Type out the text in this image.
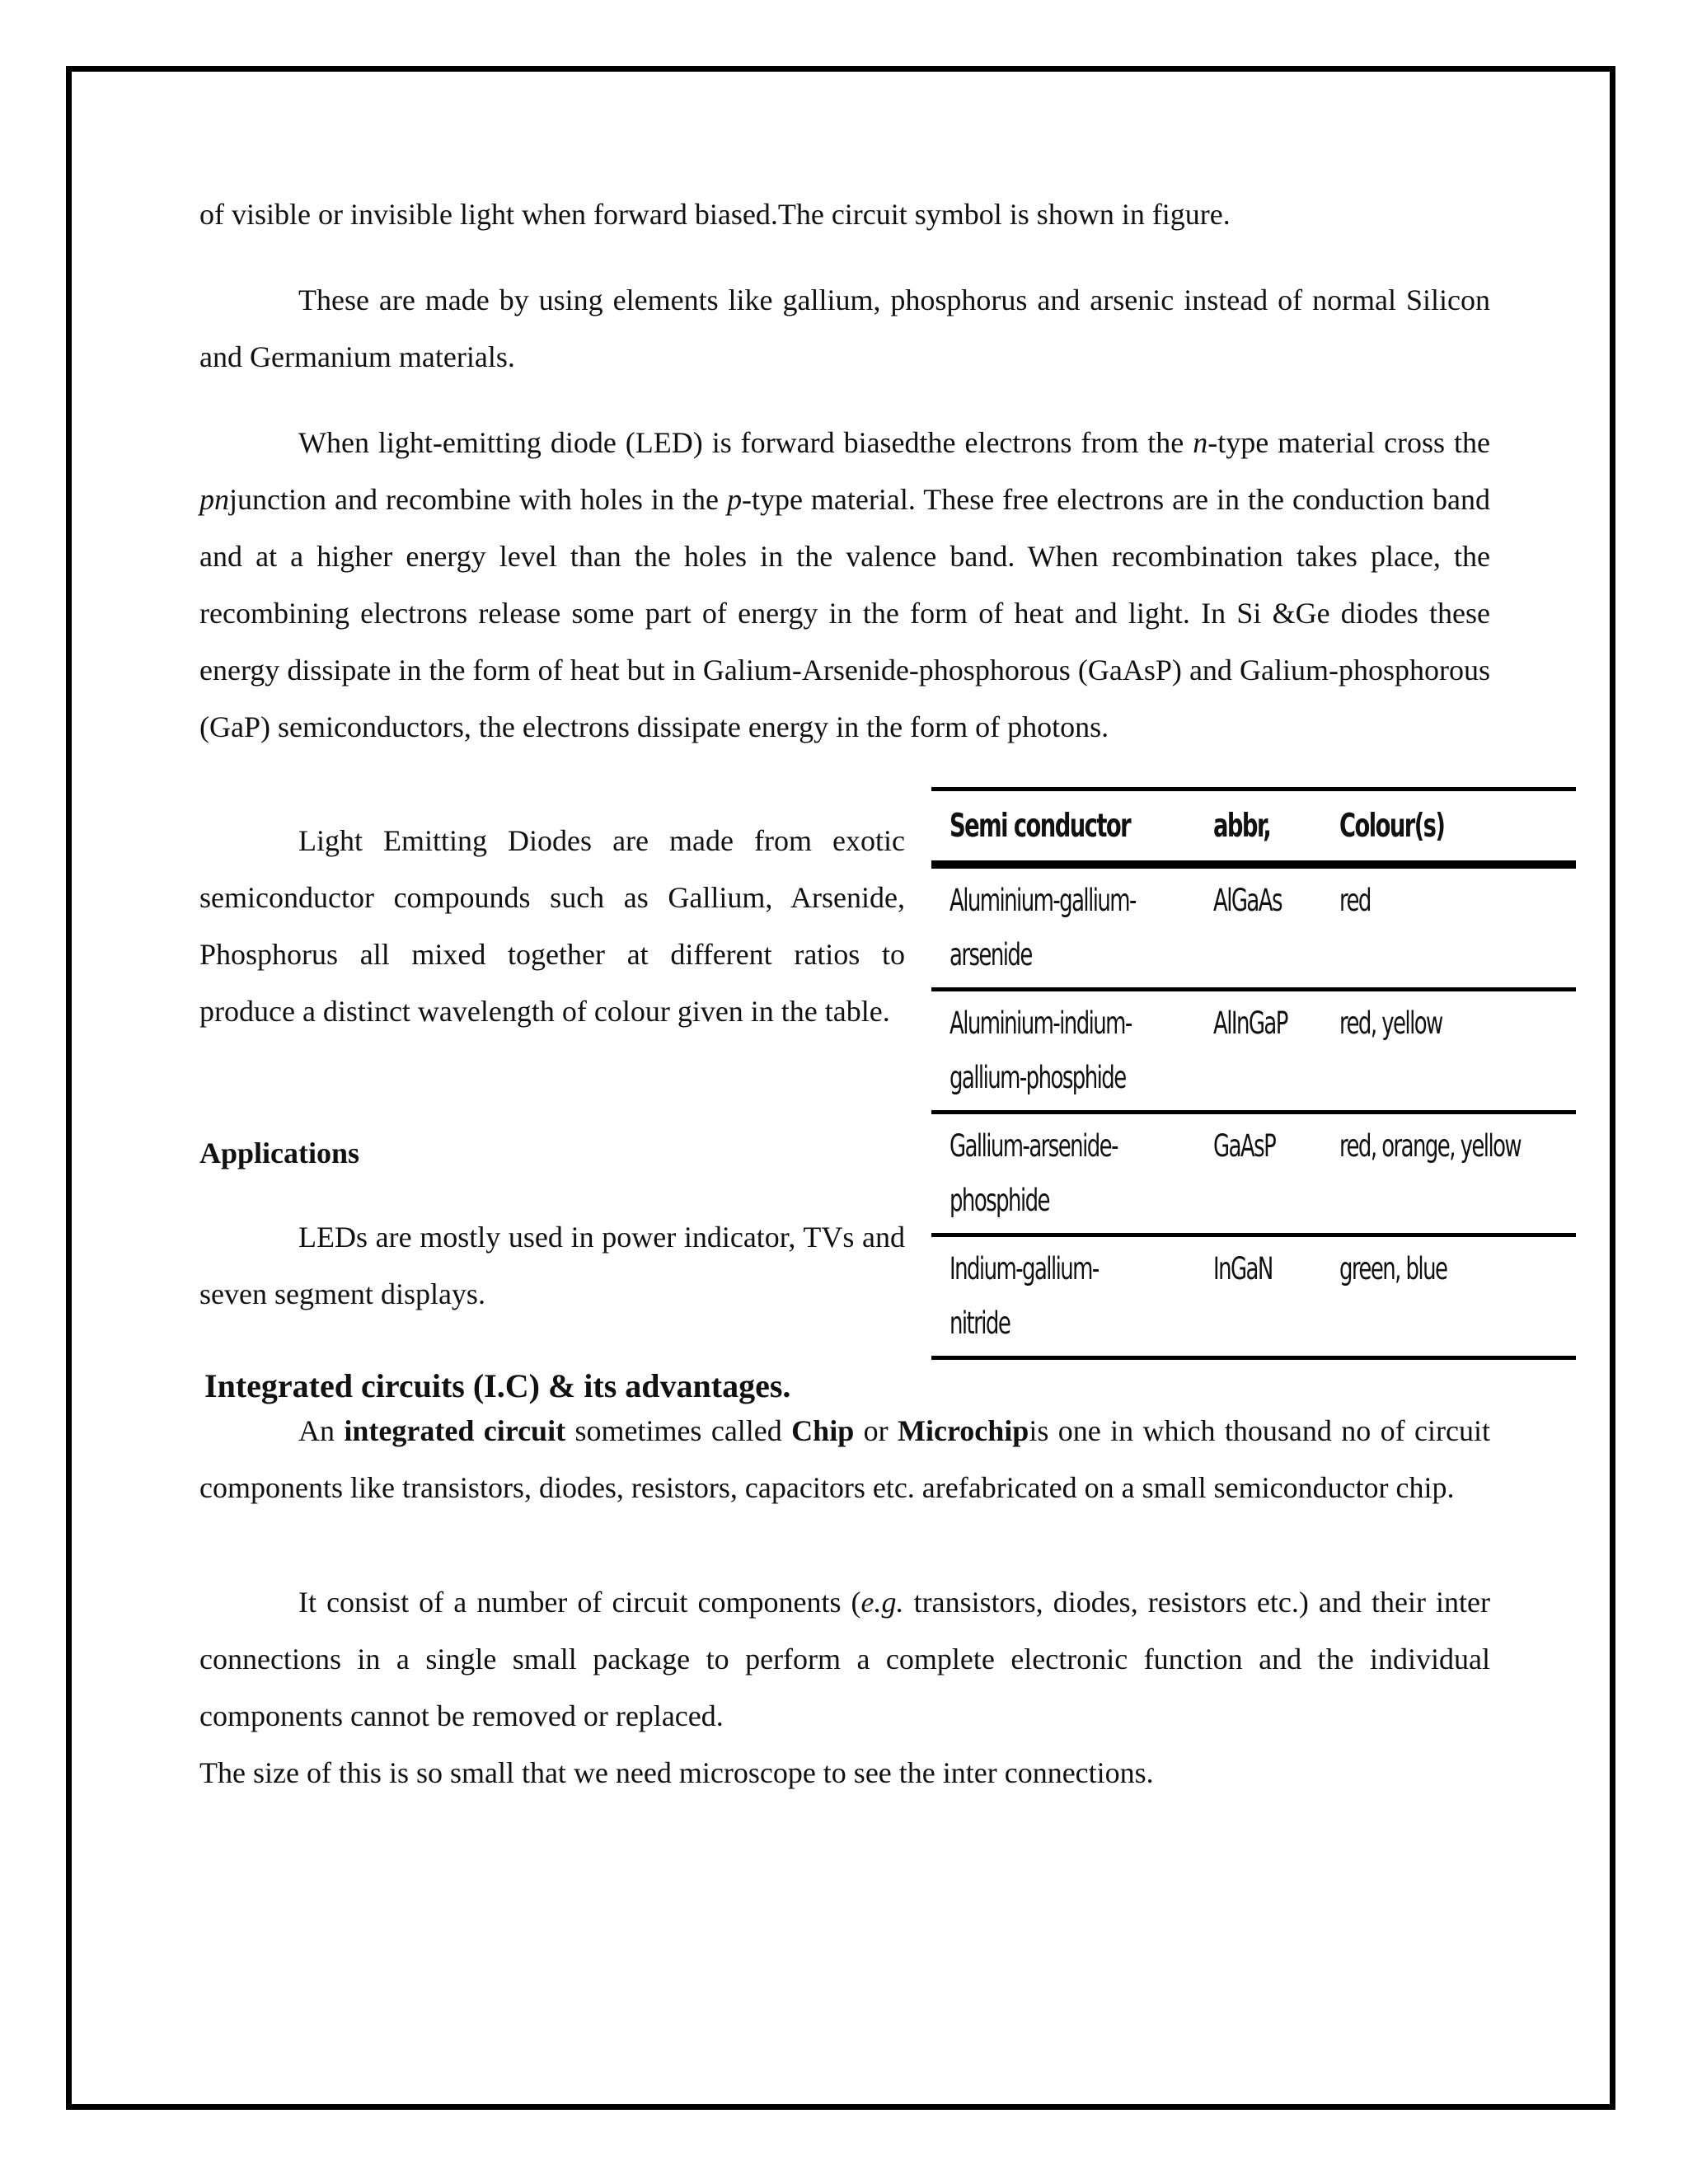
of visible or invisible light when forward biased.The circuit symbol is shown in figure.

These are made by using elements like gallium, phosphorus and arsenic instead of normal Silicon and Germanium materials.

When light-emitting diode (LED) is forward biasedthe electrons from the n-type material cross the pnjunction and recombine with holes in the p-type material. These free electrons are in the conduction band and at a higher energy level than the holes in the valence band. When recombination takes place, the recombining electrons release some part of energy in the form of heat and light. In Si &Ge diodes these energy dissipate in the form of heat but in Galium-Arsenide-phosphorous (GaAsP) and Galium-phosphorous (GaP) semiconductors, the electrons dissipate energy in the form of photons.

Light Emitting Diodes are made from exotic semiconductor compounds such as Gallium, Arsenide, Phosphorus all mixed together at different ratios to produce a distinct wavelength of colour given in the table.

Applications

LEDs are mostly used in power indicator, TVs and seven segment displays.

Integrated circuits (I.C) & its advantages.

An integrated circuit sometimes called Chip or Microchipis one in which thousand no of circuit components like transistors, diodes, resistors, capacitors etc. arefabricated on a small semiconductor chip.

It consist of a number of circuit components (e.g. transistors, diodes, resistors etc.) and their inter connections in a single small package to perform a complete electronic function and the individual components cannot be removed or replaced.

The size of this is so small that we need microscope to see the inter connections.

Semi conductor	abbr,	Colour(s)
Aluminium-gallium-
arsenide	AlGaAs	red
Aluminium-indium-
gallium-phosphide	AlInGaP	red, yellow
Gallium-arsenide-
phosphide	GaAsP	red, orange, yellow
Indium-gallium-
nitride	InGaN	green, blue
